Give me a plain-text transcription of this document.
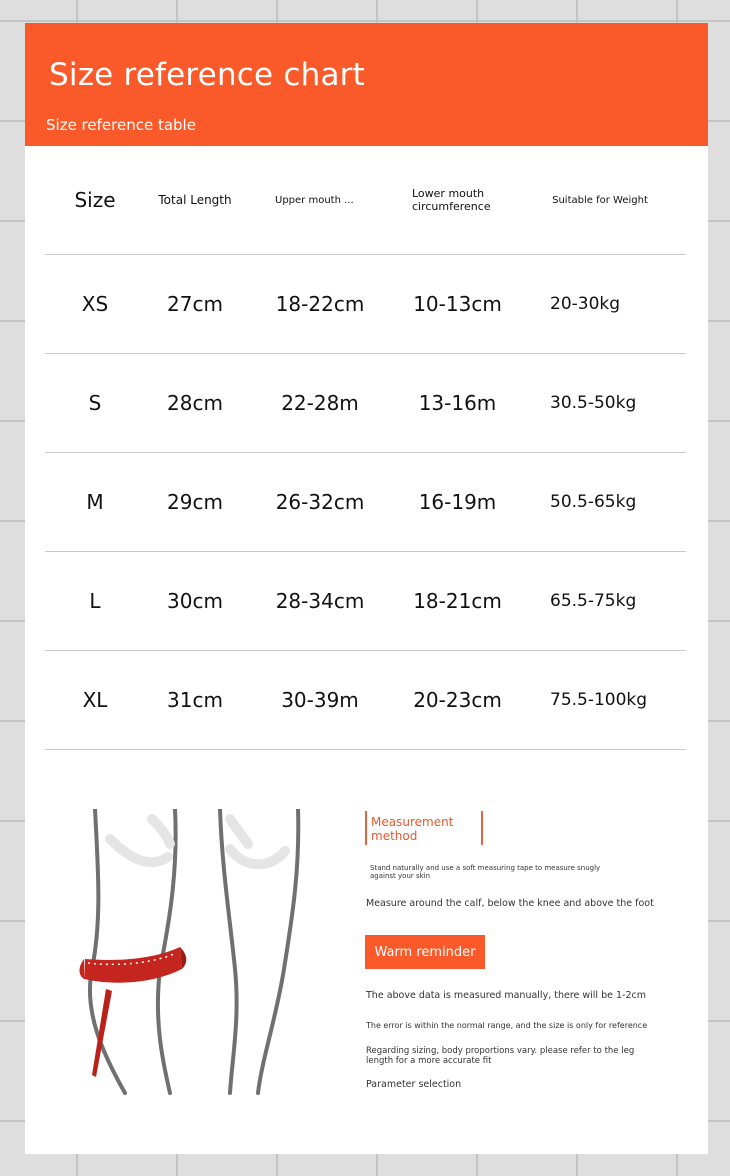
Size reference chart
Size reference table
Size	Total Length	Upper mouth ...	Lower mouth circumference	Suitable for Weight
XS	27cm	18-22cm	10-13cm	20-30kg
S	28cm	22-28m	13-16m	30.5-50kg
M	29cm	26-32cm	16-19m	50.5-65kg
L	30cm	28-34cm	18-21cm	65.5-75kg
XL	31cm	30-39m	20-23cm	75.5-100kg
Measurement method
Stand naturally and use a soft measuring tape to measure snugly against your skin
Measure around the calf, below the knee and above the foot
Warm reminder
The above data is measured manually, there will be 1-2cm
The error is within the normal range, and the size is only for reference
Regarding sizing, body proportions vary. please refer to the leg length for a more accurate fit
Parameter selection
